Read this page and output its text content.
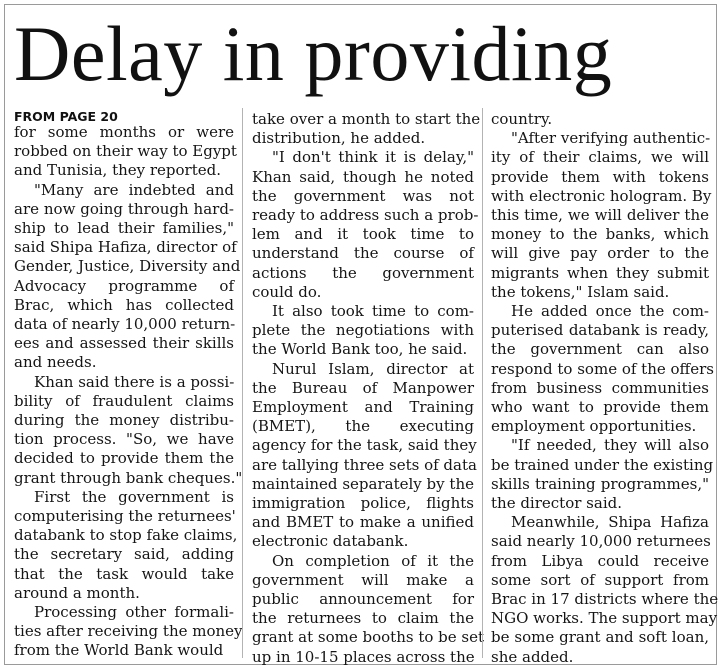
Delay in providing
FROM PAGE 20

for some months or were
robbed on their way to Egypt
and Tunisia, they reported.

"Many are indebted and
are now going through hard-
ship to lead their families,"
said Shipa Hafiza, director of
Gender, Justice, Diversity and
Advocacy programme of
Brac, which has collected
data of nearly 10,000 return-
ees and assessed their skills
and needs.

Khan said there is a possi-
bility of fraudulent claims
during the money distribu-
tion process. "So, we have
decided to provide them the
grant through bank cheques."

First the government is
computerising the returnees'
databank to stop fake claims,
the secretary said, adding
that the task would take
around a month.

Processing other formali-
ties after receiving the money
from the World Bank would

take over a month to start the
distribution, he added.

"I don't think it is delay,"
Khan said, though he noted
the government was not
ready to address such a prob-
lem and it took time to
understand the course of
actions the government
could do.

It also took time to com-
plete the negotiations with
the World Bank too, he said.

Nurul Islam, director at
the Bureau of Manpower
Employment and Training
(BMET), the executing
agency for the task, said they
are tallying three sets of data
maintained separately by the
immigration police, flights
and BMET to make a unified
electronic databank.

On completion of it the
government will make a
public announcement for
the returnees to claim the
grant at some booths to be set
up in 10-15 places across the

country.

"After verifying authentic-
ity of their claims, we will
provide them with tokens
with electronic hologram. By
this time, we will deliver the
money to the banks, which
will give pay order to the
migrants when they submit
the tokens," Islam said.

He added once the com-
puterised databank is ready,
the government can also
respond to some of the offers
from business communities
who want to provide them
employment opportunities.

"If needed, they will also
be trained under the existing
skills training programmes,"
the director said.

Meanwhile, Shipa Hafiza
said nearly 10,000 returnees
from Libya could receive
some sort of support from
Brac in 17 districts where the
NGO works. The support may
be some grant and soft loan,
she added.
